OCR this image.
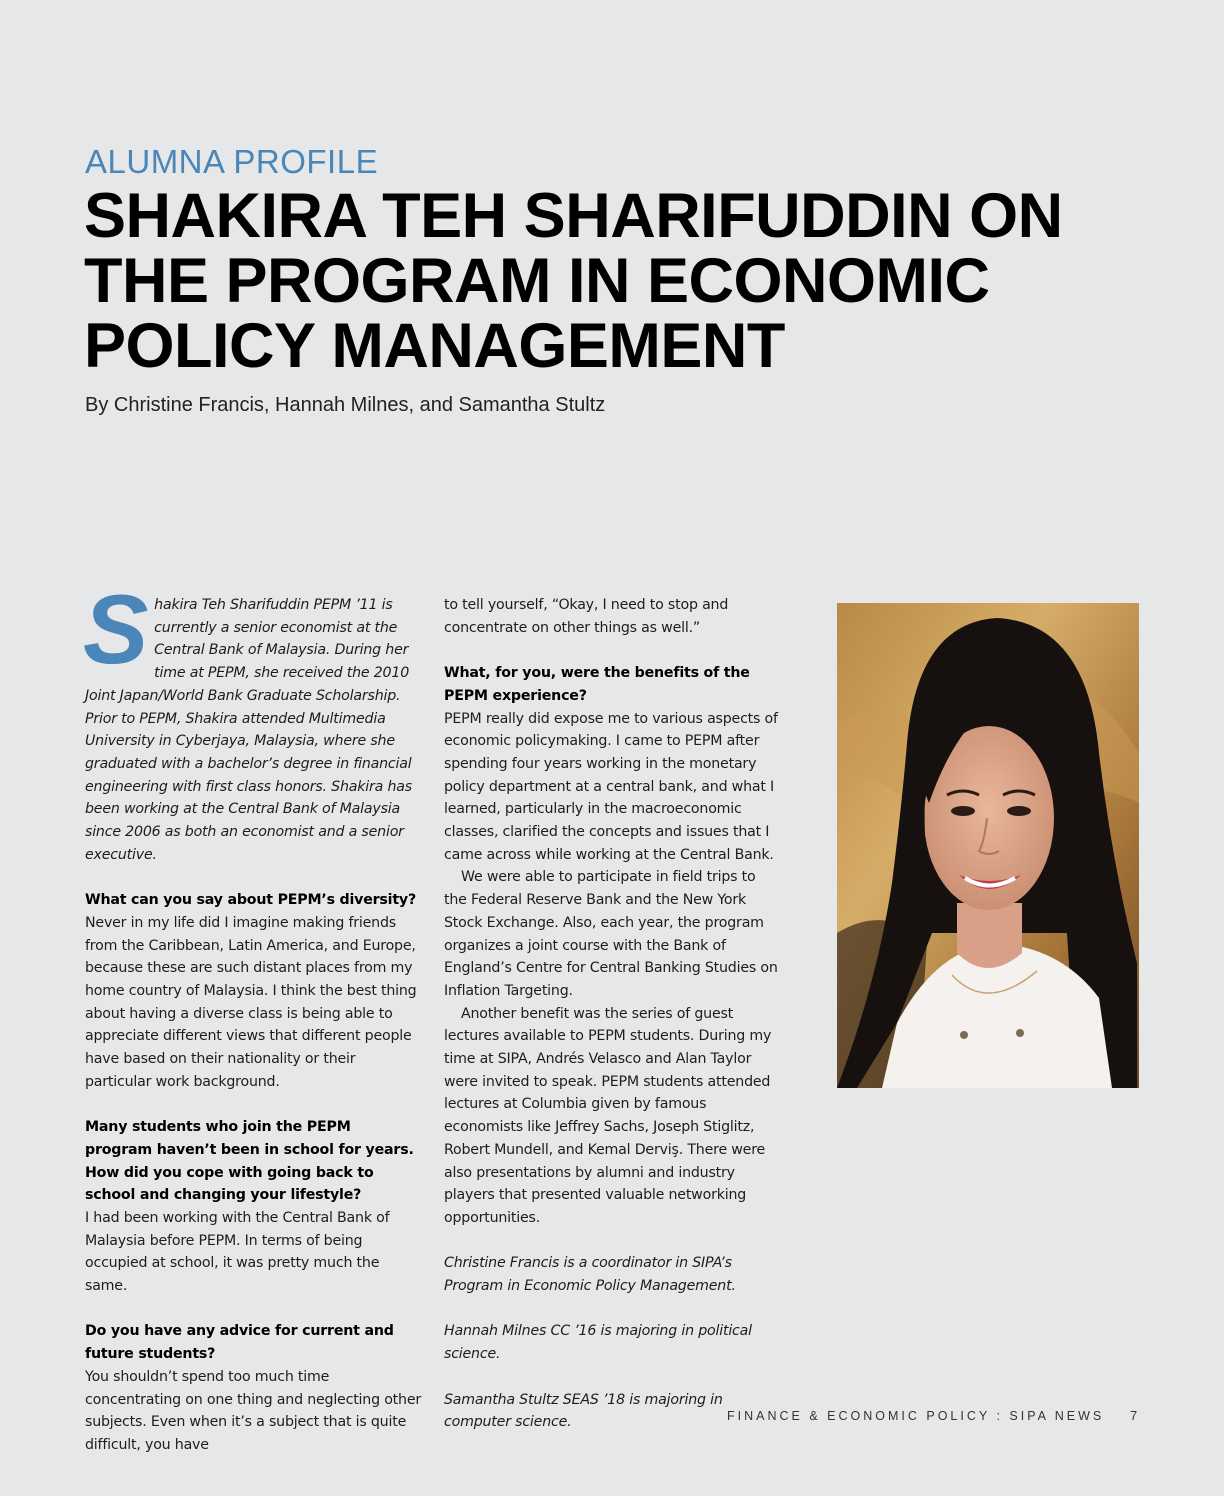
ALUMNA PROFILE
SHAKIRA TEH SHARIFUDDIN ON
THE PROGRAM IN ECONOMIC
POLICY MANAGEMENT
By Christine Francis, Hannah Milnes, and Samantha Stultz

Shakira Teh Sharifuddin PEPM ’11 is currently a senior economist at the Central Bank of Malaysia. During her time at PEPM, she received the 2010 Joint Japan/World Bank Graduate Scholarship. Prior to PEPM, Shakira attended Multimedia University in Cyberjaya, Malaysia, where she graduated with a bachelor’s degree in financial engineering with first class honors. Shakira has been working at the Central Bank of Malaysia since 2006 as both an economist and a senior executive.

What can you say about PEPM’s diversity?

Never in my life did I imagine making friends from the Caribbean, Latin America, and Europe, because these are such distant places from my home country of Malaysia. I think the best thing about having a diverse class is being able to appreciate different views that different people have based on their nationality or their particular work background.

Many students who join the PEPM program haven’t been in school for years. How did you cope with going back to school and changing your lifestyle?

I had been working with the Central Bank of Malaysia before PEPM. In terms of being occupied at school, it was pretty much the same.

Do you have any advice for current and future students?

You shouldn’t spend too much time concentrating on one thing and neglecting other subjects. Even when it’s a subject that is quite difficult, you have

to tell yourself, “Okay, I need to stop and concentrate on other things as well.”

What, for you, were the benefits of the PEPM experience?

PEPM really did expose me to various aspects of economic policymaking. I came to PEPM after spending four years working in the monetary policy department at a central bank, and what I learned, particularly in the macroeconomic classes, clarified the concepts and issues that I came across while working at the Central Bank.

We were able to participate in field trips to the Federal Reserve Bank and the New York Stock Exchange. Also, each year, the program organizes a joint course with the Bank of England’s Centre for Central Banking Studies on Inflation Targeting.

Another benefit was the series of guest lectures available to PEPM students. During my time at SIPA, Andrés Velasco and Alan Taylor were invited to speak. PEPM students attended lectures at Columbia given by famous economists like Jeffrey Sachs, Joseph Stiglitz, Robert Mundell, and Kemal Derviş. There were also presentations by alumni and industry players that presented valuable networking opportunities.

Christine Francis is a coordinator in SIPA’s Program in Economic Policy Management.

Hannah Milnes CC ’16 is majoring in political science.

Samantha Stultz SEAS ’18 is majoring in computer science.	FINANCE & ECONOMIC POLICY : SIPA NEWS 7
